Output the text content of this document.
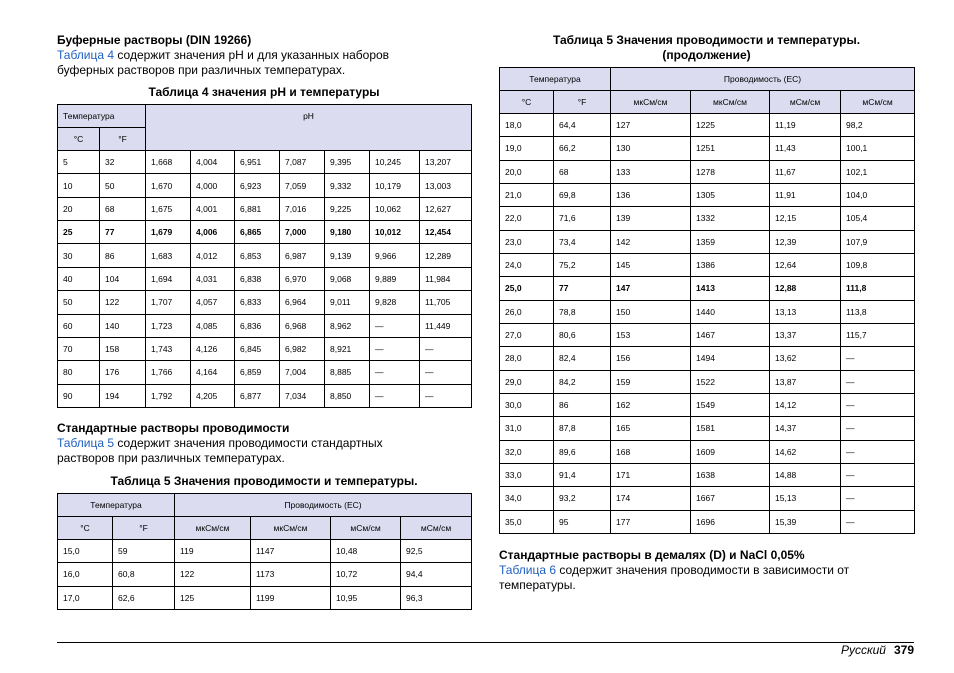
Буферные растворы (DIN 19266)

Таблица 4 содержит значения pH и для указанных наборов
буферных растворов при различных температурах.

Таблица 4 значения pH и температуры
Температура		pH						
°C	°F							
5	32	1,668	4,004	6,951	7,087	9,395	10,245	13,207
10	50	1,670	4,000	6,923	7,059	9,332	10,179	13,003
20	68	1,675	4,001	6,881	7,016	9,225	10,062	12,627
25	77	1,679	4,006	6,865	7,000	9,180	10,012	12,454
30	86	1,683	4,012	6,853	6,987	9,139	9,966	12,289
40	104	1,694	4,031	6,838	6,970	9,068	9,889	11,984
50	122	1,707	4,057	6,833	6,964	9,011	9,828	11,705
60	140	1,723	4,085	6,836	6,968	8,962	—	11,449
70	158	1,743	4,126	6,845	6,982	8,921	—	—
80	176	1,766	4,164	6,859	7,004	8,885	—	—
90	194	1,792	4,205	6,877	7,034	8,850	—	—
Стандартные растворы проводимости

Таблица 5 содержит значения проводимости стандартных
растворов при различных температурах.

Таблица 5 Значения проводимости и температуры.
Температура		Проводимость (EC)			
°C	°F	мкСм/см	мкСм/см	мСм/см	мСм/см
15,0	59	119	1147	10,48	92,5
16,0	60,8	122	1173	10,72	94,4
17,0	62,6	125	1199	10,95	96,3
Таблица 5 Значения проводимости и температуры.
(продолжение)
Температура		Проводимость (EC)			
°C	°F	мкСм/см	мкСм/см	мСм/см	мСм/см
18,0	64,4	127	1225	11,19	98,2
19,0	66,2	130	1251	11,43	100,1
20,0	68	133	1278	11,67	102,1
21,0	69,8	136	1305	11,91	104,0
22,0	71,6	139	1332	12,15	105,4
23,0	73,4	142	1359	12,39	107,9
24,0	75,2	145	1386	12,64	109,8
25,0	77	147	1413	12,88	111,8
26,0	78,8	150	1440	13,13	113,8
27,0	80,6	153	1467	13,37	115,7
28,0	82,4	156	1494	13,62	—
29,0	84,2	159	1522	13,87	—
30,0	86	162	1549	14,12	—
31,0	87,8	165	1581	14,37	—
32,0	89,6	168	1609	14,62	—
33,0	91,4	171	1638	14,88	—
34,0	93,2	174	1667	15,13	—
35,0	95	177	1696	15,39	—
Стандартные растворы в демалях (D) и NaCl 0,05%

Таблица 6 содержит значения проводимости в зависимости от
температуры.

Русский 379
